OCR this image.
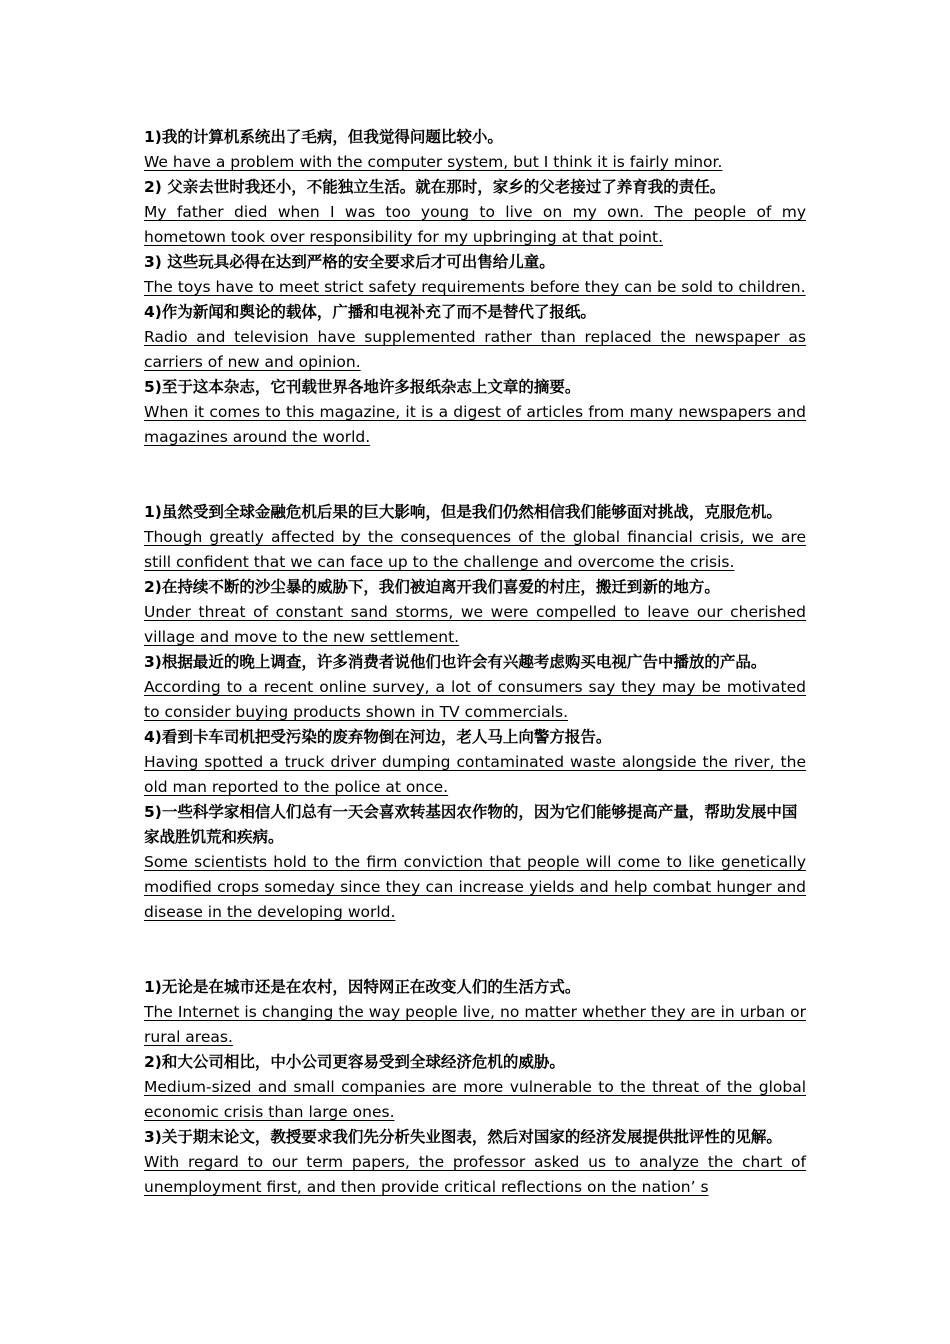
1)我的计算机系统出了毛病，但我觉得问题比较小。

We have a problem with the computer system, but I think it is fairly minor.

2) 父亲去世时我还小，不能独立生活。就在那时，家乡的父老接过了养育我的责任。

My father died when I was too young to live on my own. The people of my hometown took over responsibility for my upbringing at that point.

3) 这些玩具必得在达到严格的安全要求后才可出售给儿童。

The toys have to meet strict safety requirements before they can be sold to children.

4)作为新闻和舆论的载体，广播和电视补充了而不是替代了报纸。

Radio and television have supplemented rather than replaced the newspaper as carriers of new and opinion.

5)至于这本杂志，它刊载世界各地许多报纸杂志上文章的摘要。

When it comes to this magazine, it is a digest of articles from many newspapers and magazines around the world.

1)虽然受到全球金融危机后果的巨大影响，但是我们仍然相信我们能够面对挑战，克服危机。

Though greatly affected by the consequences of the global financial crisis, we are still confident that we can face up to the challenge and overcome the crisis.

2)在持续不断的沙尘暴的威胁下，我们被迫离开我们喜爱的村庄，搬迁到新的地方。

Under threat of constant sand storms, we were compelled to leave our cherished village and move to the new settlement.

3)根据最近的晚上调查，许多消费者说他们也许会有兴趣考虑购买电视广告中播放的产品。

According to a recent online survey, a lot of consumers say they may be motivated to consider buying products shown in TV commercials.

4)看到卡车司机把受污染的废弃物倒在河边，老人马上向警方报告。

Having spotted a truck driver dumping contaminated waste alongside the river, the old man reported to the police at once.

5)一些科学家相信人们总有一天会喜欢转基因农作物的，因为它们能够提高产量，帮助发展中国家战胜饥荒和疾病。

Some scientists hold to the firm conviction that people will come to like genetically modified crops someday since they can increase yields and help combat hunger and disease in the developing world.

1)无论是在城市还是在农村，因特网正在改变人们的生活方式。

The Internet is changing the way people live, no matter whether they are in urban or rural areas.

2)和大公司相比，中小公司更容易受到全球经济危机的威胁。

Medium-sized and small companies are more vulnerable to the threat of the global economic crisis than large ones.

3)关于期末论文，教授要求我们先分析失业图表，然后对国家的经济发展提供批评性的见解。

With regard to our term papers, the professor asked us to analyze the chart of unemployment first, and then provide critical reflections on the nation’ s
